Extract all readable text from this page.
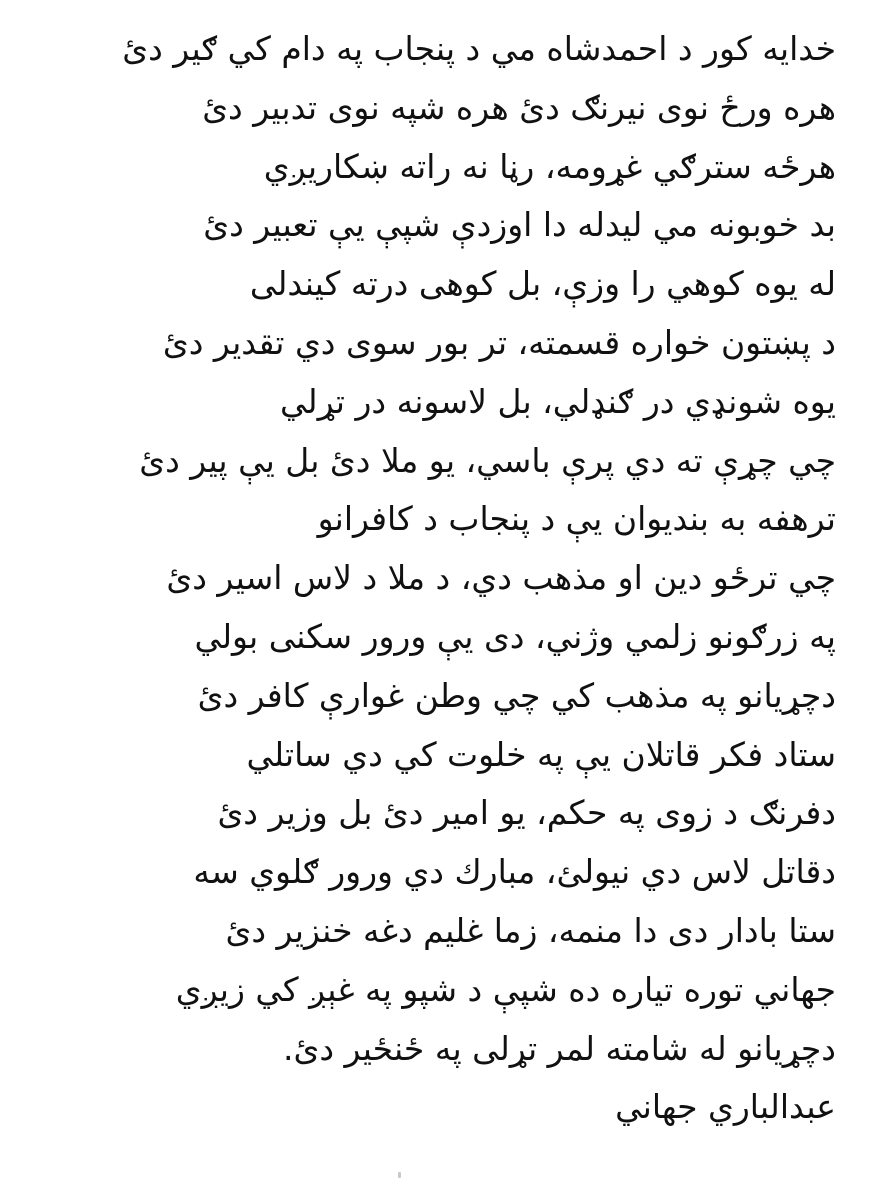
خدایه کور د احمدشاه مي د پنجاب په دام کي ګیر دئ
هره ورځ نوی نیرنګ دئ هره شپه نوی تدبیر دئ
هرځه سترګي غړومه، رڼا نه راته ښکاریږي
بد خوبونه مي لیدله دا اوزدې شپې یې تعبیر دئ
له یوه کوهي را وزې، بل کوهی درته کیندلی
د پښتون خواره قسمته، تر بور سوی دي تقدیر دئ
یوه شونډي در ګنډلي، بل لاسونه در تړلي
چي چړې ته دي پرې باسي، یو ملا دئ بل یې پیر دئ
ترهفه به بندیوان یې د پنجاب د کافرانو
چي ترځو دین او مذهب دي، د ملا د لاس اسیر دئ
په زرګونو زلمي وژني، دی یې ورور سکنی بولي
دچړیانو په مذهب کي چي وطن غوارې کافر دئ
ستاد فکر قاتلان یې په خلوت کي دي ساتلي
دفرنګ د زوی په حکم، یو امیر دئ بل وزیر دئ
دقاتل لاس دي نیولئ، مبارك دي ورور ګلوي سه
ستا بادار دی دا منمه، زما غلیم دغه خنزیر دئ
جهاني توره تیاره ده شپې د شپو په غېږ کي زیږي
دچړیانو له شامته لمر تړلی په ځنځیر دئ.
عبدالباري جهاني
